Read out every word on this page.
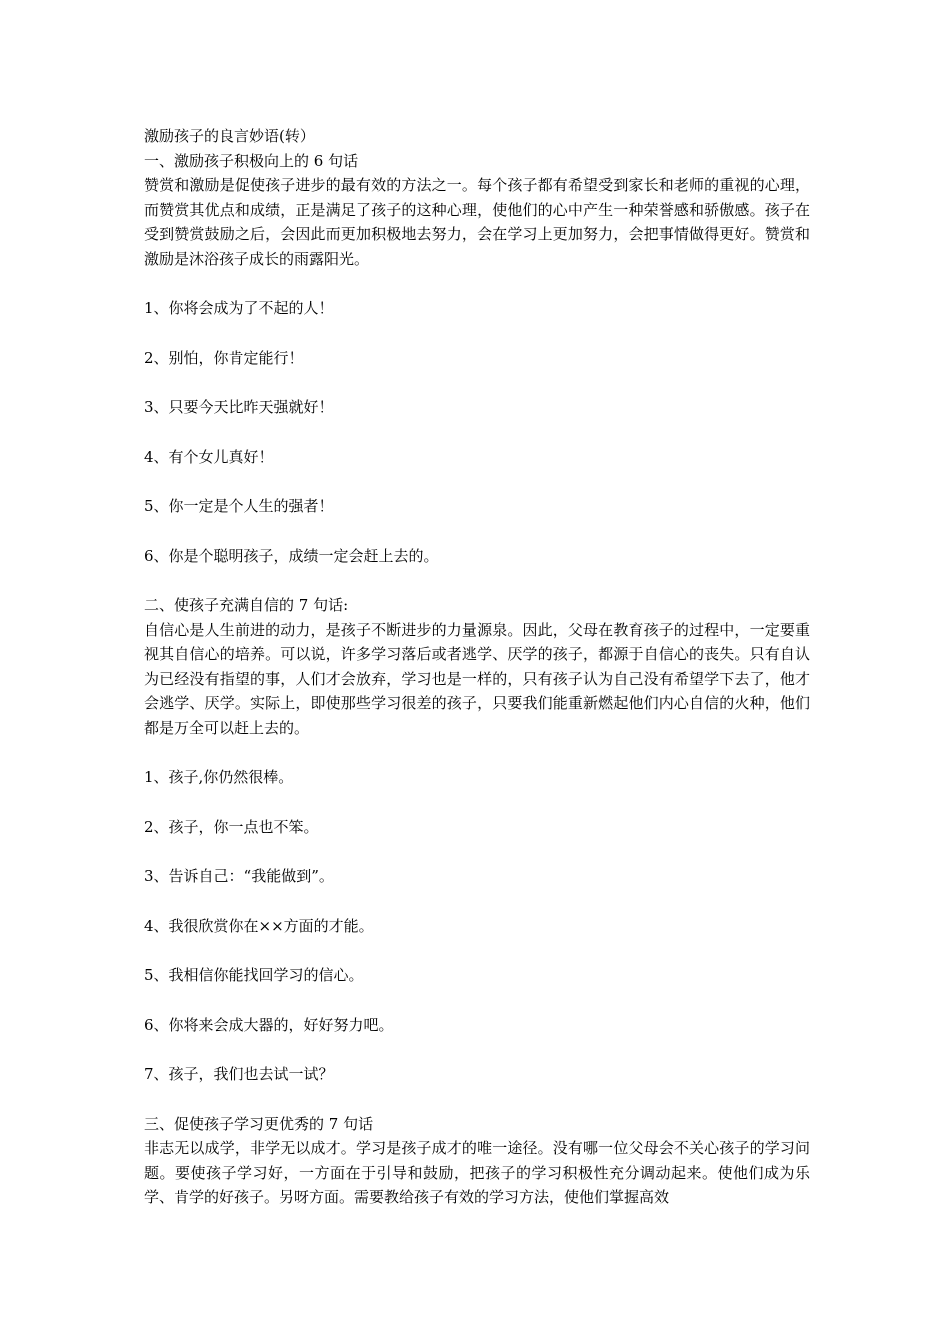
激励孩子的良言妙语(转）
一、激励孩子积极向上的 6 句话
赞赏和激励是促使孩子进步的最有效的方法之一。每个孩子都有希望受到家长和老师的重视的心理，而赞赏其优点和成绩，正是满足了孩子的这种心理，使他们的心中产生一种荣誉感和骄傲感。孩子在受到赞赏鼓励之后，会因此而更加积极地去努力，会在学习上更加努力，会把事情做得更好。赞赏和激励是沐浴孩子成长的雨露阳光。
1、你将会成为了不起的人！
2、别怕，你肯定能行！
3、只要今天比昨天强就好！
4、有个女儿真好！
5、你一定是个人生的强者！
6、你是个聪明孩子，成绩一定会赶上去的。
二、使孩子充满自信的 7 句话:
自信心是人生前进的动力，是孩子不断进步的力量源泉。因此，父母在教育孩子的过程中，一定要重视其自信心的培养。可以说，许多学习落后或者逃学、厌学的孩子，都源于自信心的丧失。只有自认为已经没有指望的事，人们才会放弃，学习也是一样的，只有孩子认为自己没有希望学下去了，他才会逃学、厌学。实际上，即使那些学习很差的孩子，只要我们能重新燃起他们内心自信的火种，他们都是万全可以赶上去的。
1、孩子,你仍然很棒。
2、孩子，你一点也不笨。
3、告诉自己：“我能做到”。
4、我很欣赏你在××方面的才能。
5、我相信你能找回学习的信心。
6、你将来会成大器的，好好努力吧。
7、孩子，我们也去试一试？
三、促使孩子学习更优秀的 7 句话
非志无以成学，非学无以成才。学习是孩子成才的唯一途径。没有哪一位父母会不关心孩子的学习问题。要使孩子学习好，一方面在于引导和鼓励，把孩子的学习积极性充分调动起来。使他们成为乐学、肯学的好孩子。另呀方面。需要教给孩子有效的学习方法，使他们掌握高效
